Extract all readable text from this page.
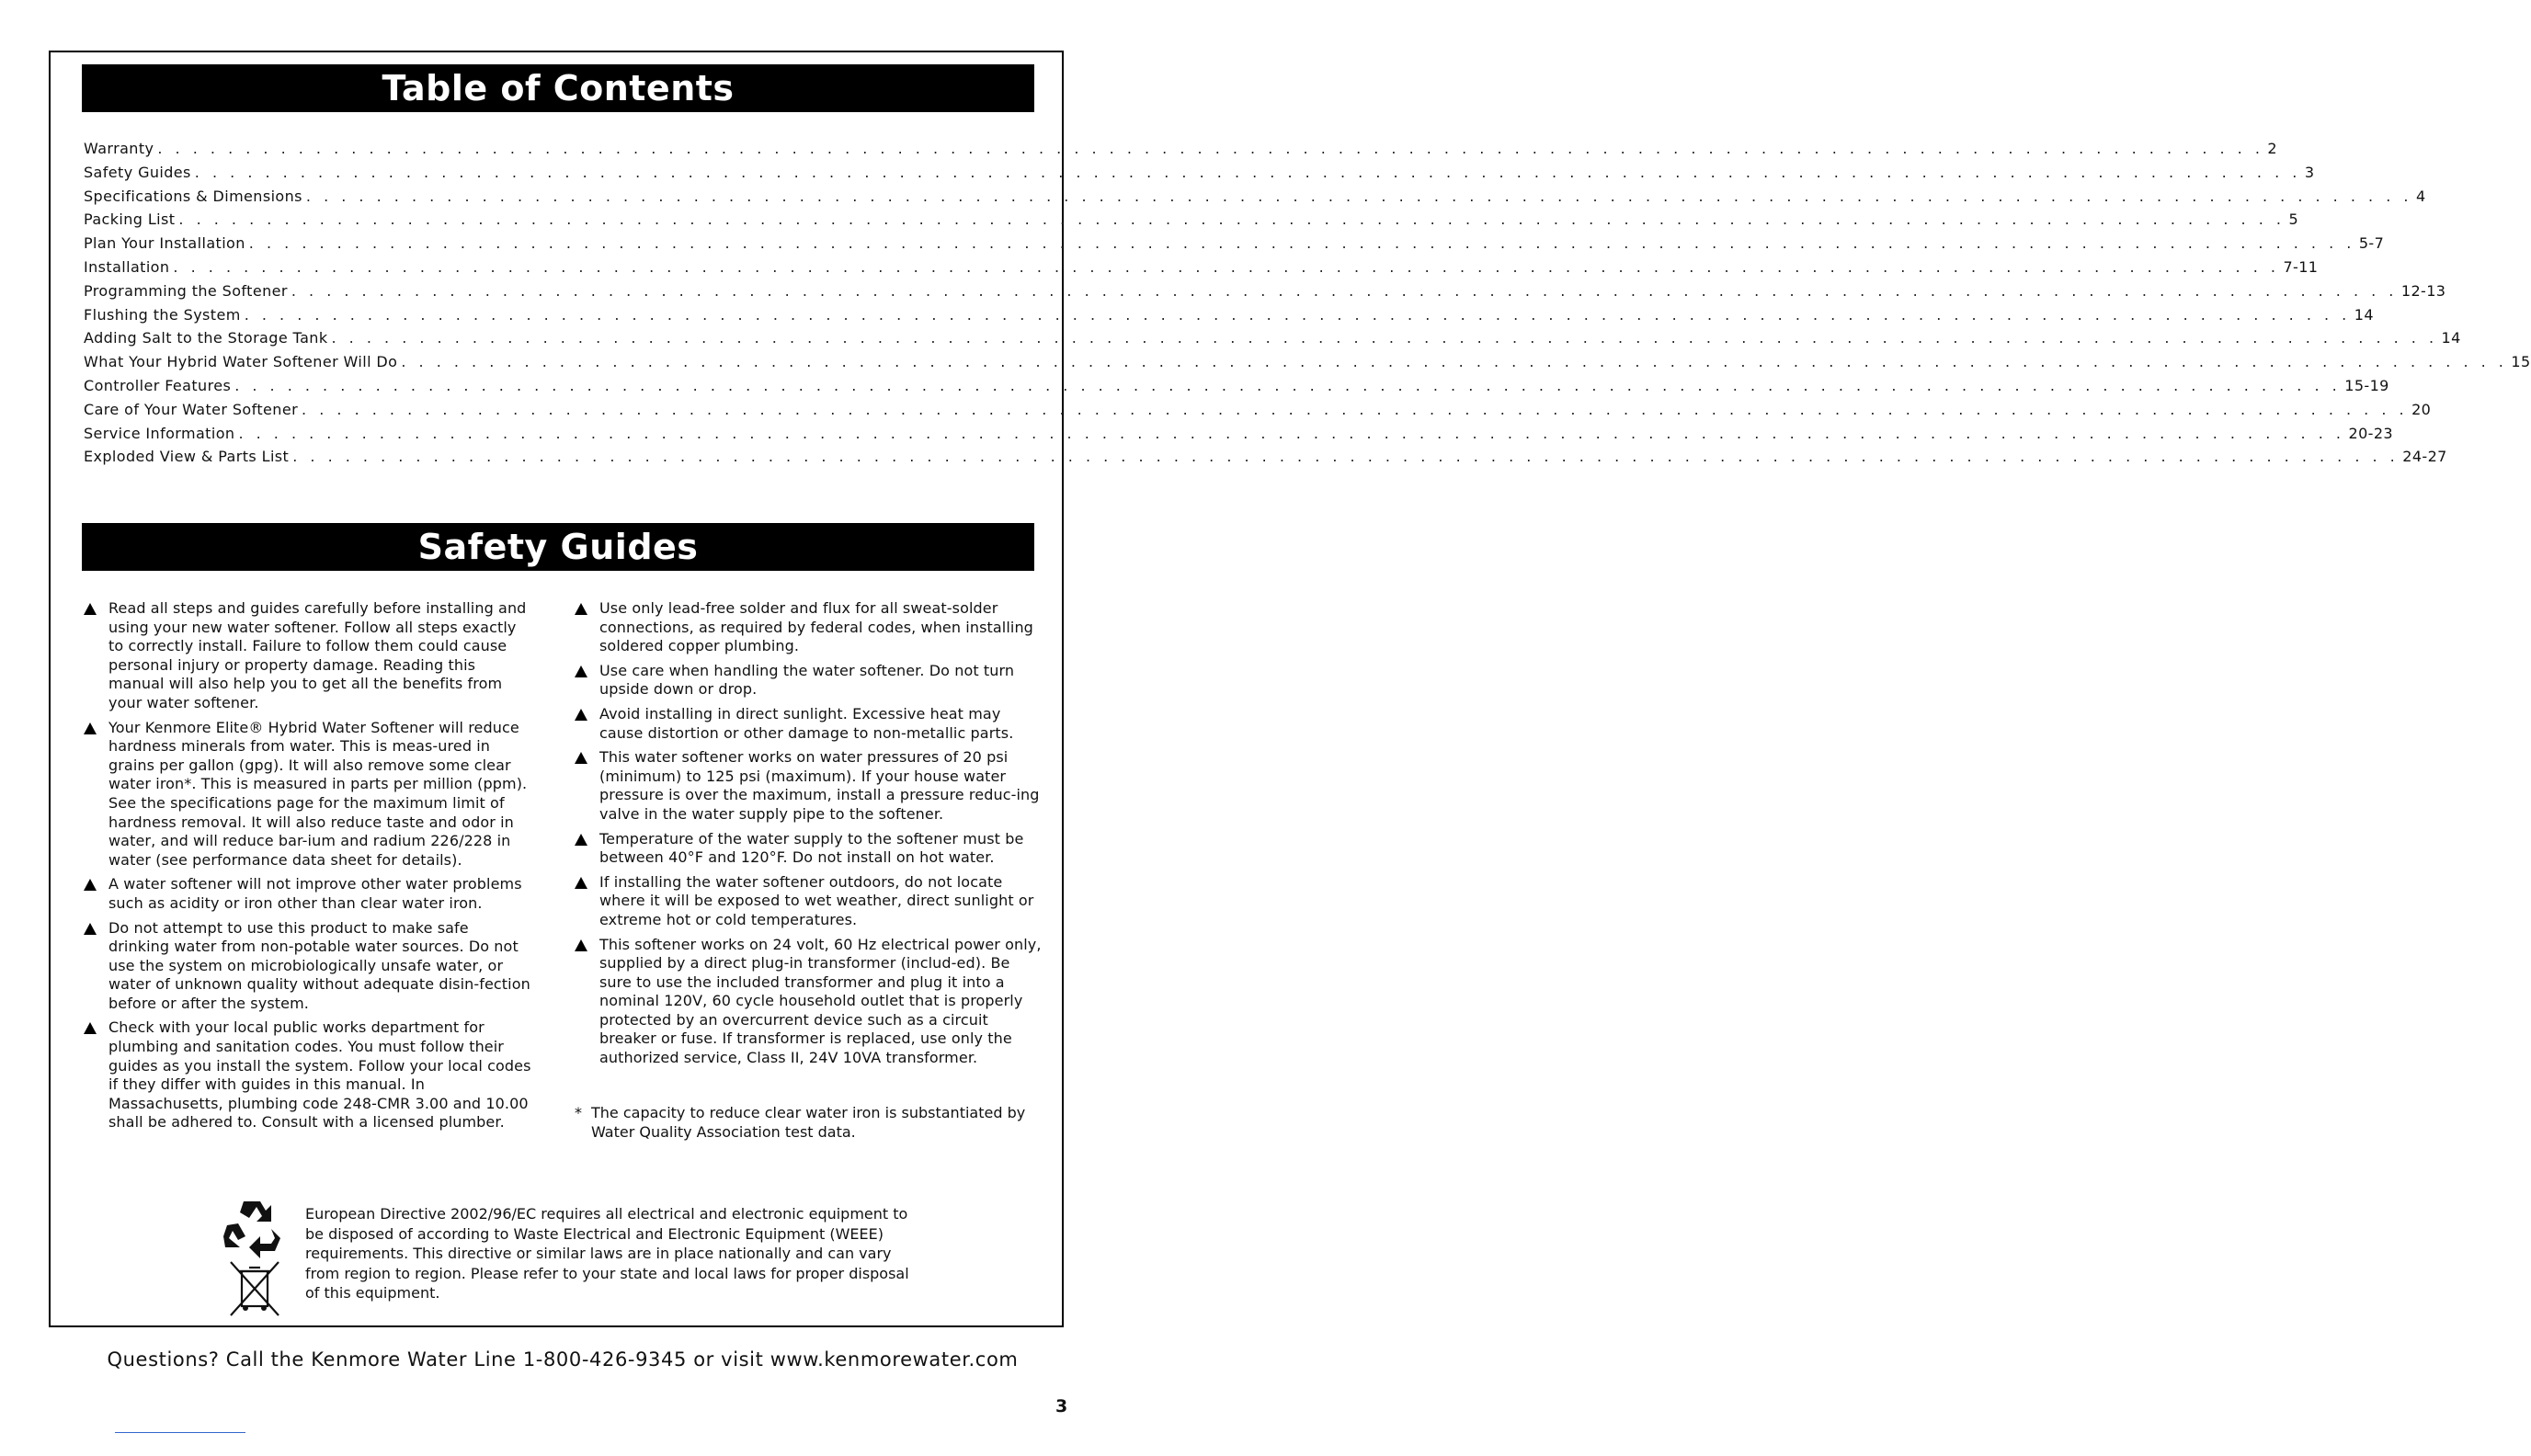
Table of Contents
Warranty . . . . . . . . . . . . . . . . . . . . . . . . . . . . . . . . . . . . . . . . . . . . . . . . . . . . . . . . . . . . . . . . . . . . . . . . . . . . . . . . . . . . . . . . . . . . . . . . . . . . . . . . . . . . . . . . . . . . . . . . 2
Safety Guides . . . . . . . . . . . . . . . . . . . . . . . . . . . . . . . . . . . . . . . . . . . . . . . . . . . . . . . . . . . . . . . . . . . . . . . . . . . . . . . . . . . . . . . . . . . . . . . . . . . . . . . . . . . . . . . . . . . . . . . . 3
Specifications & Dimensions . . . . . . . . . . . . . . . . . . . . . . . . . . . . . . . . . . . . . . . . . . . . . . . . . . . . . . . . . . . . . . . . . . . . . . . . . . . . . . . . . . . . . . . . . . . . . . . . . . . . . . . . . . . . . . . . . . . . . . . . 4
Packing List . . . . . . . . . . . . . . . . . . . . . . . . . . . . . . . . . . . . . . . . . . . . . . . . . . . . . . . . . . . . . . . . . . . . . . . . . . . . . . . . . . . . . . . . . . . . . . . . . . . . . . . . . . . . . . . . . . . . . . . . 5
Plan Your Installation . . . . . . . . . . . . . . . . . . . . . . . . . . . . . . . . . . . . . . . . . . . . . . . . . . . . . . . . . . . . . . . . . . . . . . . . . . . . . . . . . . . . . . . . . . . . . . . . . . . . . . . . . . . . . . . . . . . . . . . . 5-7
Installation . . . . . . . . . . . . . . . . . . . . . . . . . . . . . . . . . . . . . . . . . . . . . . . . . . . . . . . . . . . . . . . . . . . . . . . . . . . . . . . . . . . . . . . . . . . . . . . . . . . . . . . . . . . . . . . . . . . . . . . . 7-11
Programming the Softener . . . . . . . . . . . . . . . . . . . . . . . . . . . . . . . . . . . . . . . . . . . . . . . . . . . . . . . . . . . . . . . . . . . . . . . . . . . . . . . . . . . . . . . . . . . . . . . . . . . . . . . . . . . . . . . . . . . . . . . . 12-13
Flushing the System . . . . . . . . . . . . . . . . . . . . . . . . . . . . . . . . . . . . . . . . . . . . . . . . . . . . . . . . . . . . . . . . . . . . . . . . . . . . . . . . . . . . . . . . . . . . . . . . . . . . . . . . . . . . . . . . . . . . . . . . 14
Adding Salt to the Storage Tank . . . . . . . . . . . . . . . . . . . . . . . . . . . . . . . . . . . . . . . . . . . . . . . . . . . . . . . . . . . . . . . . . . . . . . . . . . . . . . . . . . . . . . . . . . . . . . . . . . . . . . . . . . . . . . . . . . . . . . . . 14
What Your Hybrid Water Softener Will Do . . . . . . . . . . . . . . . . . . . . . . . . . . . . . . . . . . . . . . . . . . . . . . . . . . . . . . . . . . . . . . . . . . . . . . . . . . . . . . . . . . . . . . . . . . . . . . . . . . . . . . . . . . . . . . . . . . . . . . . . 15
Controller Features . . . . . . . . . . . . . . . . . . . . . . . . . . . . . . . . . . . . . . . . . . . . . . . . . . . . . . . . . . . . . . . . . . . . . . . . . . . . . . . . . . . . . . . . . . . . . . . . . . . . . . . . . . . . . . . . . . . . . . . . 15-19
Care of Your Water Softener . . . . . . . . . . . . . . . . . . . . . . . . . . . . . . . . . . . . . . . . . . . . . . . . . . . . . . . . . . . . . . . . . . . . . . . . . . . . . . . . . . . . . . . . . . . . . . . . . . . . . . . . . . . . . . . . . . . . . . . . 20
Service Information . . . . . . . . . . . . . . . . . . . . . . . . . . . . . . . . . . . . . . . . . . . . . . . . . . . . . . . . . . . . . . . . . . . . . . . . . . . . . . . . . . . . . . . . . . . . . . . . . . . . . . . . . . . . . . . . . . . . . . . . 20-23
Exploded View & Parts List . . . . . . . . . . . . . . . . . . . . . . . . . . . . . . . . . . . . . . . . . . . . . . . . . . . . . . . . . . . . . . . . . . . . . . . . . . . . . . . . . . . . . . . . . . . . . . . . . . . . . . . . . . . . . . . . . . . . . . . . 24-27
Safety Guides
Read all steps and guides carefully before installing and using your new water softener. Follow all steps exactly to correctly install. Failure to follow them could cause personal injury or property damage. Reading this manual will also help you to get all the benefits from your water softener.
Your Kenmore Elite® Hybrid Water Softener will reduce hardness minerals from water. This is meas-ured in grains per gallon (gpg). It will also remove some clear water iron*. This is measured in parts per million (ppm). See the specifications page for the maximum limit of hardness removal. It will also reduce taste and odor in water, and will reduce bar-ium and radium 226/228 in water (see performance data sheet for details).
A water softener will not improve other water problems such as acidity or iron other than clear water iron.
Do not attempt to use this product to make safe drinking water from non-potable water sources. Do not use the system on microbiologically unsafe water, or water of unknown quality without adequate disin-fection before or after the system.
Check with your local public works department for plumbing and sanitation codes. You must follow their guides as you install the system. Follow your local codes if they differ with guides in this manual. In Massachusetts, plumbing code 248-CMR 3.00 and 10.00 shall be adhered to. Consult with a licensed plumber.
Use only lead-free solder and flux for all sweat-solder connections, as required by federal codes, when installing soldered copper plumbing.
Use care when handling the water softener. Do not turn upside down or drop.
Avoid installing in direct sunlight. Excessive heat may cause distortion or other damage to non-metallic parts.
This water softener works on water pressures of 20 psi (minimum) to 125 psi (maximum). If your house water pressure is over the maximum, install a pressure reduc-ing valve in the water supply pipe to the softener.
Temperature of the water supply to the softener must be between 40°F and 120°F. Do not install on hot water.
If installing the water softener outdoors, do not locate where it will be exposed to wet weather, direct sunlight or extreme hot or cold temperatures.
This softener works on 24 volt, 60 Hz electrical power only, supplied by a direct plug-in transformer (includ-ed). Be sure to use the included transformer and plug it into a nominal 120V, 60 cycle household outlet that is properly protected by an overcurrent device such as a circuit breaker or fuse. If transformer is replaced, use only the authorized service, Class II, 24V 10VA transformer.
* The capacity to reduce clear water iron is substantiated by Water Quality Association test data.
European Directive 2002/96/EC requires all electrical and electronic equipment to be disposed of according to Waste Electrical and Electronic Equipment (WEEE) requirements. This directive or similar laws are in place nationally and can vary from region to region. Please refer to your state and local laws for proper disposal of this equipment.
Questions? Call the Kenmore Water Line 1-800-426-9345 or visit www.kenmorewater.com
3
